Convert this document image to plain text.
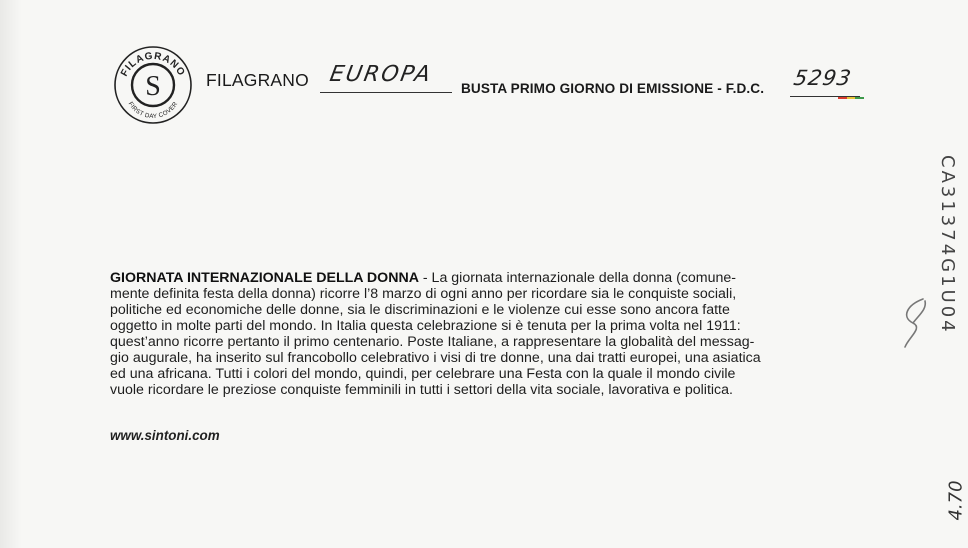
FILAGRANO
FIRST DAY COVER
S	FILAGRANO EUROPA
BUSTA PRIMO GIORNO DI EMISSIONE - F.D.C. 5293
GIORNATA INTERNAZIONALE DELLA DONNA - La giornata internazionale della donna (comune-
mente definita festa della donna) ricorre l’8 marzo di ogni anno per ricordare sia le conquiste sociali,
politiche ed economiche delle donne, sia le discriminazioni e le violenze cui esse sono ancora fatte
oggetto in molte parti del mondo. In Italia questa celebrazione si è tenuta per la prima volta nel 1911:
quest’anno ricorre pertanto il primo centenario. Poste Italiane, a rappresentare la globalità del messag-
gio augurale, ha inserito sul francobollo celebrativo i visi di tre donne, una dai tratti europei, una asiatica
ed una africana. Tutti i colori del mondo, quindi, per celebrare una Festa con la quale il mondo civile
vuole ricordare le preziose conquiste femminili in tutti i settori della vita sociale, lavorativa e politica.
www.sintoni.com
CA31374G1U04
4.70
